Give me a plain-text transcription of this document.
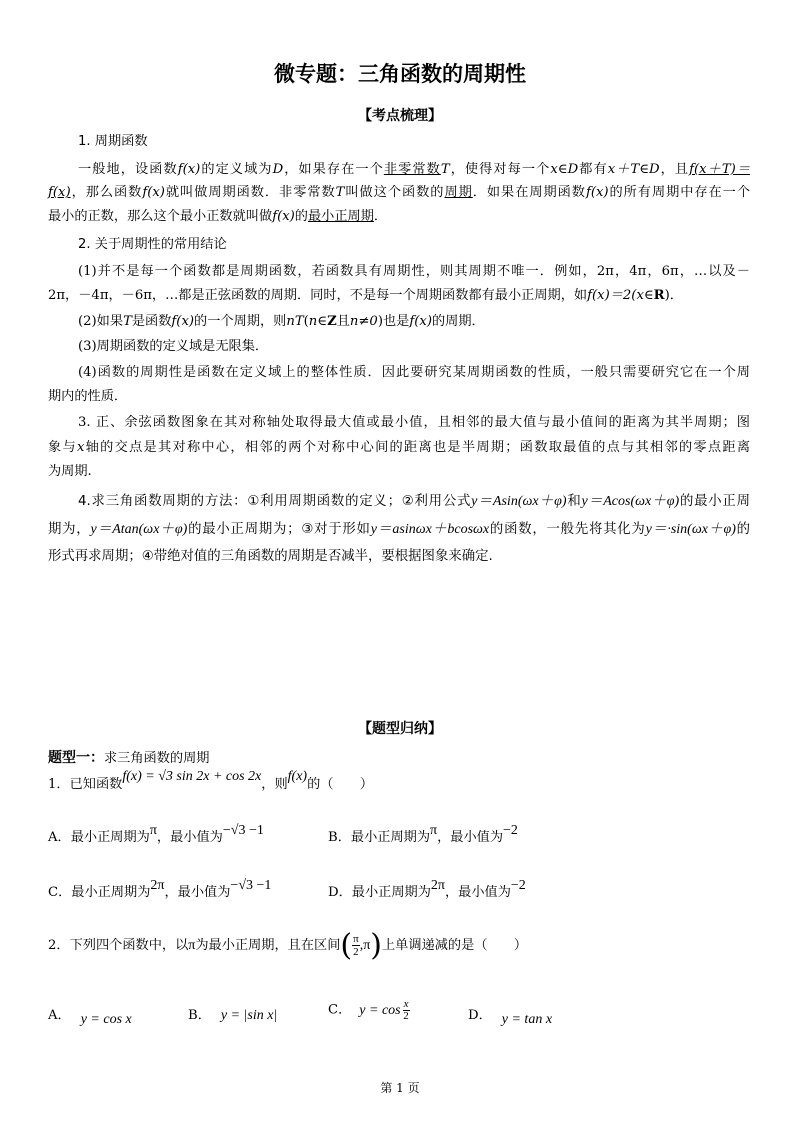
微专题：三角函数的周期性
【考点梳理】
1. 周期函数
一般地，设函数f(x)的定义域为D，如果存在一个非零常数T，使得对每一个x∈D都有x＋T∈D，且f(x＋T)＝
f(x)，那么函数f(x)就叫做周期函数．非零常数T叫做这个函数的周期．如果在周期函数f(x)的所有周期中存在一个
最小的正数，那么这个最小正数就叫做f(x)的最小正周期．
2. 关于周期性的常用结论
(1)并不是每一个函数都是周期函数，若函数具有周期性，则其周期不唯一．例如，2π，4π，6π，…以及－
2π，－4π，－6π，…都是正弦函数的周期．同时，不是每一个周期函数都有最小正周期，如f(x)＝2(x∈R)．
(2)如果T是函数f(x)的一个周期，则nT(n∈Z且n≠0)也是f(x)的周期．
(3)周期函数的定义域是无限集．
(4)函数的周期性是函数在定义域上的整体性质．因此要研究某周期函数的性质，一般只需要研究它在一个周
期内的性质．
3. 正、余弦函数图象在其对称轴处取得最大值或最小值，且相邻的最大值与最小值间的距离为其半周期；图
象与x轴的交点是其对称中心，相邻的两个对称中心间的距离也是半周期；函数取最值的点与其相邻的零点距离
为周期.
4.求三角函数周期的方法：①利用周期函数的定义；②利用公式y＝Asin(ωx＋φ)和y＝Acos(ωx＋φ)的最小正周
期为，y＝Atan(ωx＋φ)的最小正周期为；③对于形如y＝asinωx＋bcosωx的函数，一般先将其化为y＝·sin(ωx＋φ)的
形式再求周期；④带绝对值的三角函数的周期是否减半，要根据图象来确定.
【题型归纳】
题型一：求三角函数的周期
1．已知函数f(x) = √3 sin 2x + cos 2x，则f(x)的（　　）
A．最小正周期为π，最小值为−√3 −1	B．最小正周期为π，最小值为−2
C．最小正周期为2π，最小值为−√3 −1	D．最小正周期为2π，最小值为−2
2．下列四个函数中，以π为最小正周期，且在区间( $\frac{\pi}{2} ,\pi$)上单调递减的是（　　）
A． y = cos x	B． y = |sin x|	C． $y = \cos \frac{x}{2}$	D． y = tan x
第 1 页
